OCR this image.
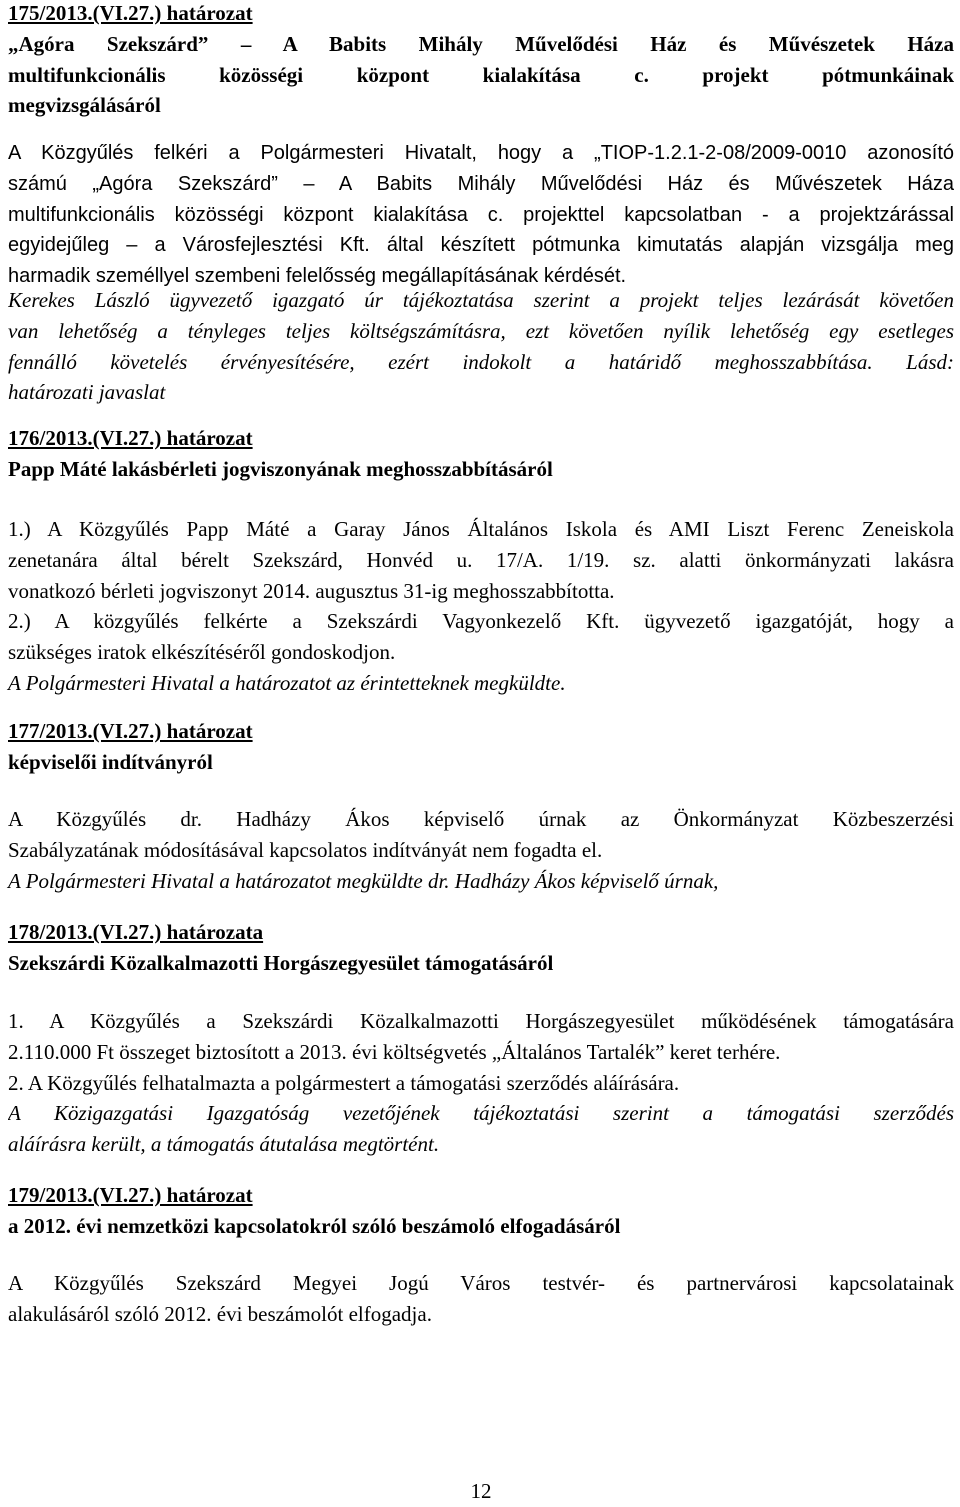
175/2013.(VI.27.) határozat
„Agóra Szekszárd” – A Babits Mihály Művelődési Ház és Művészetek Háza
multifunkcionális közösségi központ kialakítása c. projekt pótmunkáinak
megvizsgálásáról
A Közgyűlés felkéri a Polgármesteri Hivatalt, hogy a „TIOP-1.2.1-2-08/2009-0010 azonosító
számú „Agóra Szekszárd” – A Babits Mihály Művelődési Ház és Művészetek Háza
multifunkcionális közösségi központ kialakítása c. projekttel kapcsolatban - a projektzárással
egyidejűleg – a Városfejlesztési Kft. által készített pótmunka kimutatás alapján vizsgálja meg
harmadik személlyel szembeni felelősség megállapításának kérdését.
Kerekes László ügyvezető igazgató úr tájékoztatása szerint a projekt teljes lezárását követően
van lehetőség a tényleges teljes költségszámításra, ezt követően nyílik lehetőség egy esetleges
fennálló követelés érvényesítésére, ezért indokolt a határidő meghosszabbítása. Lásd:
határozati javaslat
176/2013.(VI.27.) határozat
Papp Máté lakásbérleti jogviszonyának meghosszabbításáról
1.) A Közgyűlés Papp Máté a Garay János Általános Iskola és AMI Liszt Ferenc Zeneiskola
zenetanára által bérelt Szekszárd, Honvéd u. 17/A. 1/19. sz. alatti önkormányzati lakásra
vonatkozó bérleti jogviszonyt 2014. augusztus 31-ig meghosszabbította.
2.) A közgyűlés felkérte a Szekszárdi Vagyonkezelő Kft. ügyvezető igazgatóját, hogy a
szükséges iratok elkészítéséről gondoskodjon.
A Polgármesteri Hivatal a határozatot az érintetteknek megküldte.
177/2013.(VI.27.) határozat
képviselői indítványról
A Közgyűlés dr. Hadházy Ákos képviselő úrnak az Önkormányzat Közbeszerzési
Szabályzatának módosításával kapcsolatos indítványát nem fogadta el.
A Polgármesteri Hivatal a határozatot megküldte dr. Hadházy Ákos képviselő úrnak,
178/2013.(VI.27.) határozata
Szekszárdi Közalkalmazotti Horgászegyesület támogatásáról
1. A Közgyűlés a Szekszárdi Közalkalmazotti Horgászegyesület működésének támogatására
2.110.000 Ft összeget biztosított a 2013. évi költségvetés „Általános Tartalék” keret terhére.
2. A Közgyűlés felhatalmazta a polgármestert a támogatási szerződés aláírására.
A Közigazgatási Igazgatóság vezetőjének tájékoztatási szerint a támogatási szerződés
aláírásra került, a támogatás átutalása megtörtént.
179/2013.(VI.27.) határozat
a 2012. évi nemzetközi kapcsolatokról szóló beszámoló elfogadásáról
A Közgyűlés Szekszárd Megyei Jogú Város testvér- és partnervárosi kapcsolatainak
alakulásáról szóló 2012. évi beszámolót elfogadja.
12
